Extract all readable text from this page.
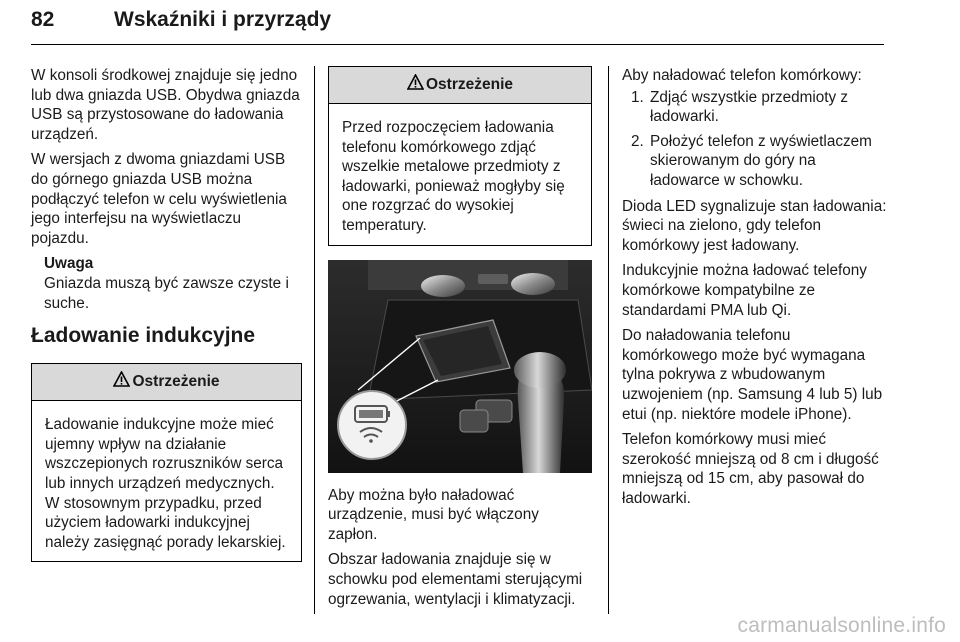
82	Wskaźniki i przyrządy

W konsoli środkowej znajduje się jedno lub dwa gniazda USB. Obydwa gniazda USB są przystosowane do ładowania urządzeń.

W wersjach z dwoma gniazdami USB do górnego gniazda USB można podłączyć telefon w celu wyświetlenia jego interfejsu na wyświetlaczu pojazdu.

Uwaga
Gniazda muszą być zawsze czyste i suche.
Ładowanie indukcyjne
Ostrzeżenie
Ładowanie indukcyjne może mieć ujemny wpływ na działanie wszczepionych rozruszników serca lub innych urządzeń medycznych. W stosownym przypadku, przed użyciem ładowarki indukcyjnej należy zasięgnąć porady lekarskiej.
Ostrzeżenie
Przed rozpoczęciem ładowania telefonu komórkowego zdjąć wszelkie metalowe przedmioty z ładowarki, ponieważ mogłyby się one rozgrzać do wysokiej temperatury.

Aby można było naładować urządzenie, musi być włączony zapłon.

Obszar ładowania znajduje się w schowku pod elementami sterującymi ogrzewania, wentylacji i klimatyzacji.

Aby naładować telefon komórkowy:

1. Zdjąć wszystkie przedmioty z ładowarki.
2. Położyć telefon z wyświetlaczem skierowanym do góry na ładowarce w schowku.

Dioda LED sygnalizuje stan ładowania: świeci na zielono, gdy telefon komórkowy jest ładowany.

Indukcyjnie można ładować telefony komórkowe kompatybilne ze standardami PMA lub Qi.

Do naładowania telefonu komórkowego może być wymagana tylna pokrywa z wbudowanym uzwojeniem (np. Samsung 4 lub 5) lub etui (np. niektóre modele iPhone).

Telefon komórkowy musi mieć szerokość mniejszą od 8 cm i długość mniejszą od 15 cm, aby pasował do ładowarki.

carmanualsonline.info
